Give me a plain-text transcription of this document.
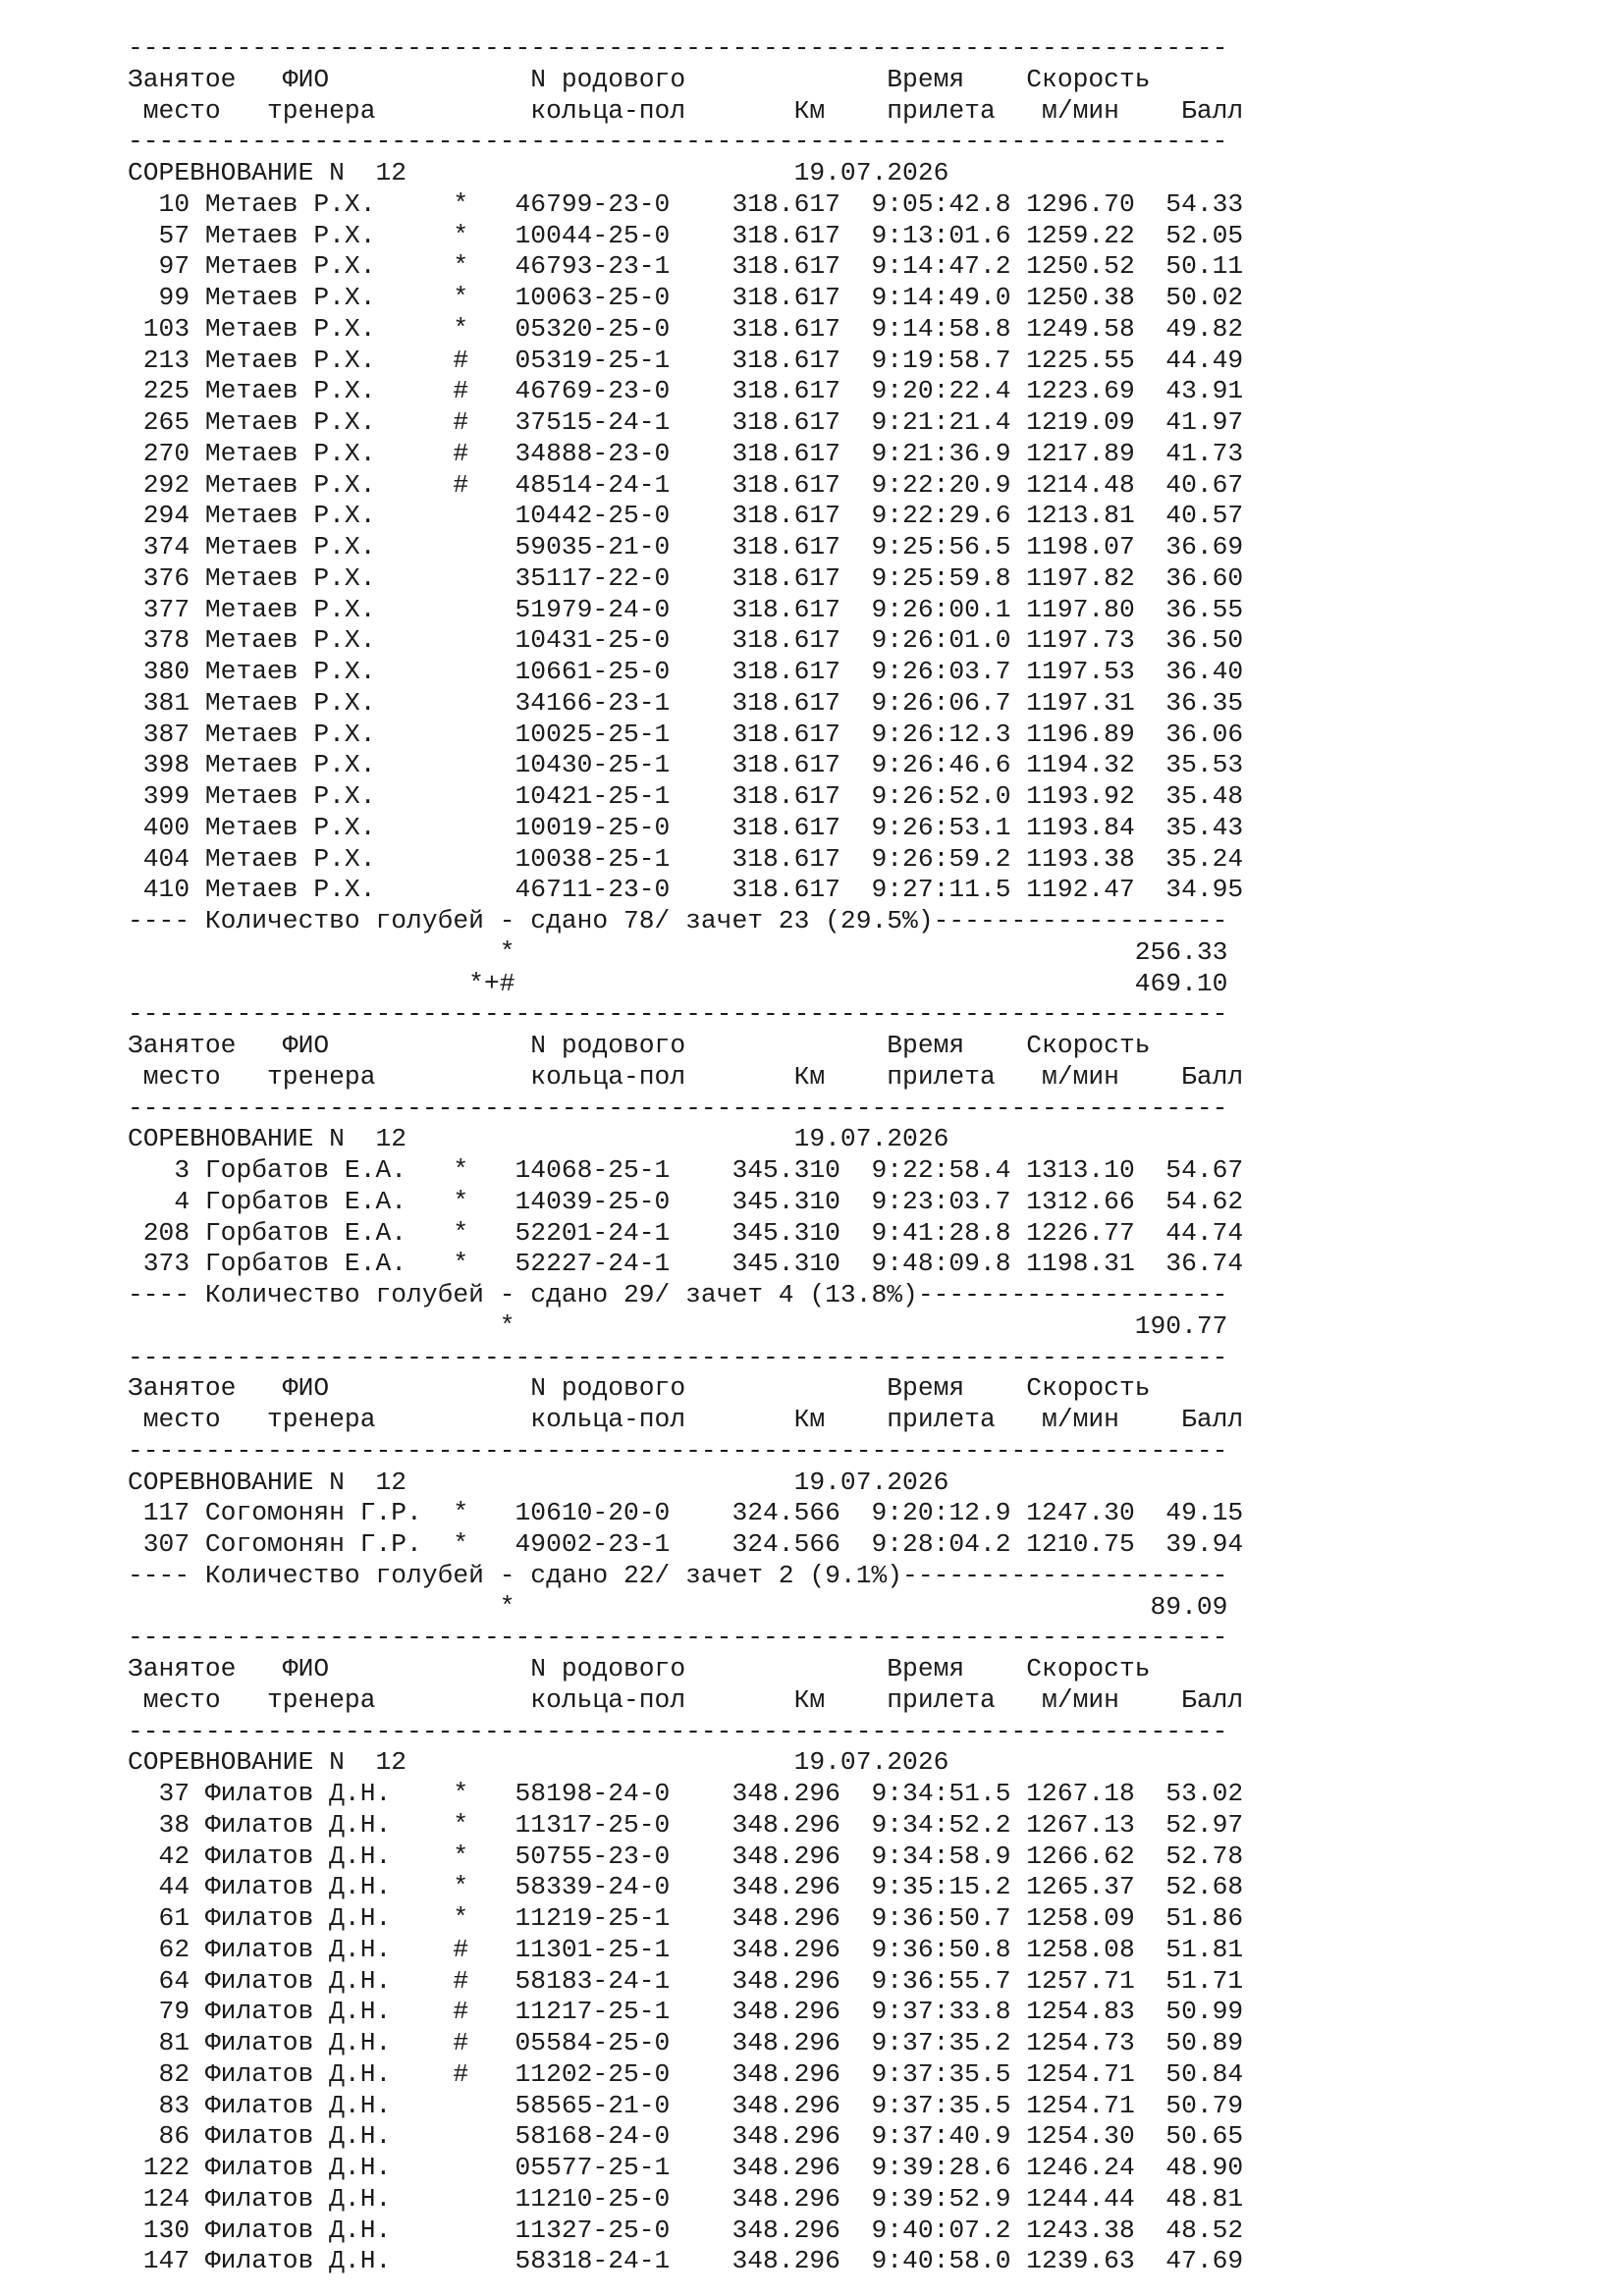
-----------------------------------------------------------------------
Занятое   ФИО             N родового             Время    Скорость
место   тренера          кольца-пол       Км    прилета   м/мин    Балл
-----------------------------------------------------------------------
СОРЕВНОВАНИЕ N  12                         19.07.2026
10 Метаев Р.Х.     *   46799-23-0    318.617  9:05:42.8 1296.70  54.33
57 Метаев Р.Х.     *   10044-25-0    318.617  9:13:01.6 1259.22  52.05
97 Метаев Р.Х.     *   46793-23-1    318.617  9:14:47.2 1250.52  50.11
99 Метаев Р.Х.     *   10063-25-0    318.617  9:14:49.0 1250.38  50.02
103 Метаев Р.Х.     *   05320-25-0    318.617  9:14:58.8 1249.58  49.82
213 Метаев Р.Х.     #   05319-25-1    318.617  9:19:58.7 1225.55  44.49
225 Метаев Р.Х.     #   46769-23-0    318.617  9:20:22.4 1223.69  43.91
265 Метаев Р.Х.     #   37515-24-1    318.617  9:21:21.4 1219.09  41.97
270 Метаев Р.Х.     #   34888-23-0    318.617  9:21:36.9 1217.89  41.73
292 Метаев Р.Х.     #   48514-24-1    318.617  9:22:20.9 1214.48  40.67
294 Метаев Р.Х.         10442-25-0    318.617  9:22:29.6 1213.81  40.57
374 Метаев Р.Х.         59035-21-0    318.617  9:25:56.5 1198.07  36.69
376 Метаев Р.Х.         35117-22-0    318.617  9:25:59.8 1197.82  36.60
377 Метаев Р.Х.         51979-24-0    318.617  9:26:00.1 1197.80  36.55
378 Метаев Р.Х.         10431-25-0    318.617  9:26:01.0 1197.73  36.50
380 Метаев Р.Х.         10661-25-0    318.617  9:26:03.7 1197.53  36.40
381 Метаев Р.Х.         34166-23-1    318.617  9:26:06.7 1197.31  36.35
387 Метаев Р.Х.         10025-25-1    318.617  9:26:12.3 1196.89  36.06
398 Метаев Р.Х.         10430-25-1    318.617  9:26:46.6 1194.32  35.53
399 Метаев Р.Х.         10421-25-1    318.617  9:26:52.0 1193.92  35.48
400 Метаев Р.Х.         10019-25-0    318.617  9:26:53.1 1193.84  35.43
404 Метаев Р.Х.         10038-25-1    318.617  9:26:59.2 1193.38  35.24
410 Метаев Р.Х.         46711-23-0    318.617  9:27:11.5 1192.47  34.95
---- Количество голубей - сдано 78/ зачет 23 (29.5%)-------------------
*                                        256.33
*+#                                        469.10
-----------------------------------------------------------------------
Занятое   ФИО             N родового             Время    Скорость
место   тренера          кольца-пол       Км    прилета   м/мин    Балл
-----------------------------------------------------------------------
СОРЕВНОВАНИЕ N  12                         19.07.2026
3 Горбатов Е.А.   *   14068-25-1    345.310  9:22:58.4 1313.10  54.67
4 Горбатов Е.А.   *   14039-25-0    345.310  9:23:03.7 1312.66  54.62
208 Горбатов Е.А.   *   52201-24-1    345.310  9:41:28.8 1226.77  44.74
373 Горбатов Е.А.   *   52227-24-1    345.310  9:48:09.8 1198.31  36.74
---- Количество голубей - сдано 29/ зачет 4 (13.8%)--------------------
*                                        190.77
-----------------------------------------------------------------------
Занятое   ФИО             N родового             Время    Скорость
место   тренера          кольца-пол       Км    прилета   м/мин    Балл
-----------------------------------------------------------------------
СОРЕВНОВАНИЕ N  12                         19.07.2026
117 Согомонян Г.Р.  *   10610-20-0    324.566  9:20:12.9 1247.30  49.15
307 Согомонян Г.Р.  *   49002-23-1    324.566  9:28:04.2 1210.75  39.94
---- Количество голубей - сдано 22/ зачет 2 (9.1%)---------------------
*                                         89.09
-----------------------------------------------------------------------
Занятое   ФИО             N родового             Время    Скорость
место   тренера          кольца-пол       Км    прилета   м/мин    Балл
-----------------------------------------------------------------------
СОРЕВНОВАНИЕ N  12                         19.07.2026
37 Филатов Д.Н.    *   58198-24-0    348.296  9:34:51.5 1267.18  53.02
38 Филатов Д.Н.    *   11317-25-0    348.296  9:34:52.2 1267.13  52.97
42 Филатов Д.Н.    *   50755-23-0    348.296  9:34:58.9 1266.62  52.78
44 Филатов Д.Н.    *   58339-24-0    348.296  9:35:15.2 1265.37  52.68
61 Филатов Д.Н.    *   11219-25-1    348.296  9:36:50.7 1258.09  51.86
62 Филатов Д.Н.    #   11301-25-1    348.296  9:36:50.8 1258.08  51.81
64 Филатов Д.Н.    #   58183-24-1    348.296  9:36:55.7 1257.71  51.71
79 Филатов Д.Н.    #   11217-25-1    348.296  9:37:33.8 1254.83  50.99
81 Филатов Д.Н.    #   05584-25-0    348.296  9:37:35.2 1254.73  50.89
82 Филатов Д.Н.    #   11202-25-0    348.296  9:37:35.5 1254.71  50.84
83 Филатов Д.Н.        58565-21-0    348.296  9:37:35.5 1254.71  50.79
86 Филатов Д.Н.        58168-24-0    348.296  9:37:40.9 1254.30  50.65
122 Филатов Д.Н.        05577-25-1    348.296  9:39:28.6 1246.24  48.90
124 Филатов Д.Н.        11210-25-0    348.296  9:39:52.9 1244.44  48.81
130 Филатов Д.Н.        11327-25-0    348.296  9:40:07.2 1243.38  48.52
147 Филатов Д.Н.        58318-24-1    348.296  9:40:58.0 1239.63  47.69
